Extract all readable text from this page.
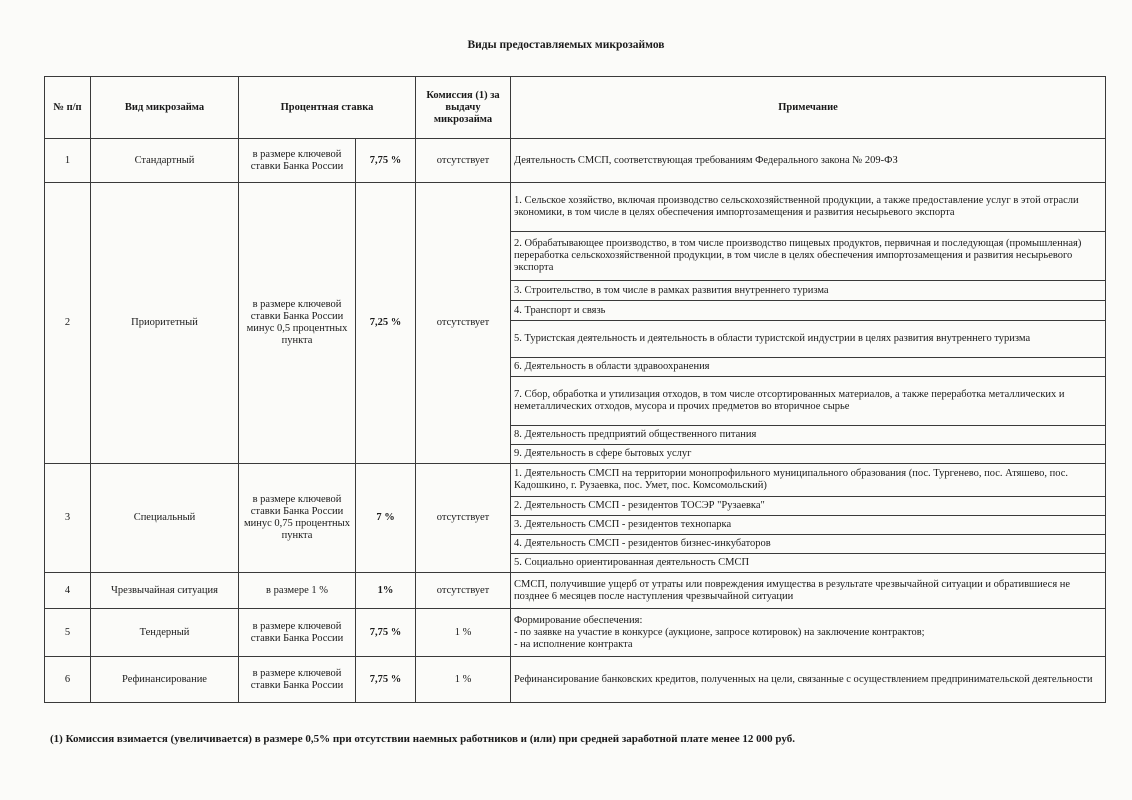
Виды предоставляемых микрозаймов
№ п/п	Вид микрозайма	Процентная ставка		Комиссия (1) за выдачу микрозайма	Примечание
1	Стандартный	в размере ключевой ставки Банка России	7,75 %	отсутствует	Деятельность СМСП, соответствующая требованиям Федерального закона № 209-ФЗ
2	Приоритетный	в размере ключевой ставки Банка России минус 0,5 процентных пункта	7,25 %	отсутствует	1. Сельское хозяйство, включая производство сельскохозяйственной продукции, а также предоставление услуг в этой отрасли экономики, в том числе в целях обеспечения импортозамещения и развития несырьевого экспорта
					2. Обрабатывающее производство, в том числе производство пищевых продуктов, первичная и последующая (промышленная) переработка сельскохозяйственной продукции, в том числе в целях обеспечения импортозамещения и развития несырьевого экспорта
					3. Строительство, в том числе в рамках развития внутреннего туризма
					4. Транспорт и связь
					5. Туристская деятельность и деятельность в области туристской индустрии в целях развития внутреннего туризма
					6. Деятельность в области здравоохранения
					7. Сбор, обработка и утилизация отходов, в том числе отсортированных материалов, а также переработка металлических и неметаллических отходов, мусора и прочих предметов во вторичное сырье
					8. Деятельность предприятий общественного питания
					9. Деятельность в сфере бытовых услуг
3	Специальный	в размере ключевой ставки Банка России минус 0,75 процентных пункта	7 %	отсутствует	1. Деятельность СМСП на территории монопрофильного муниципального образования (пос. Тургенево, пос. Атяшево, пос. Кадошкино, г. Рузаевка, пос. Умет, пос. Комсомольский)
					2. Деятельность СМСП - резидентов ТОСЭР "Рузаевка"
					3. Деятельность СМСП - резидентов технопарка
					4. Деятельность СМСП - резидентов бизнес-инкубаторов
					5. Социально ориентированная деятельность СМСП
4	Чрезвычайная ситуация	в размере 1 %	1%	отсутствует	СМСП, получившие ущерб от утраты или повреждения имущества в результате чрезвычайной ситуации и обратившиеся не позднее 6 месяцев после наступления чрезвычайной ситуации
5	Тендерный	в размере ключевой ставки Банка России	7,75 %	1 %	Формирование обеспечения:
- по заявке на участие в конкурсе (аукционе, запросе котировок) на заключение контрактов;
- на исполнение контракта
6	Рефинансирование	в размере ключевой ставки Банка России	7,75 %	1 %	Рефинансирование банковских кредитов, полученных на цели, связанные с осуществлением предпринимательской деятельности
(1) Комиссия взимается (увеличивается) в размере 0,5% при отсутствии наемных работников и (или) при средней заработной плате менее 12 000 руб.
